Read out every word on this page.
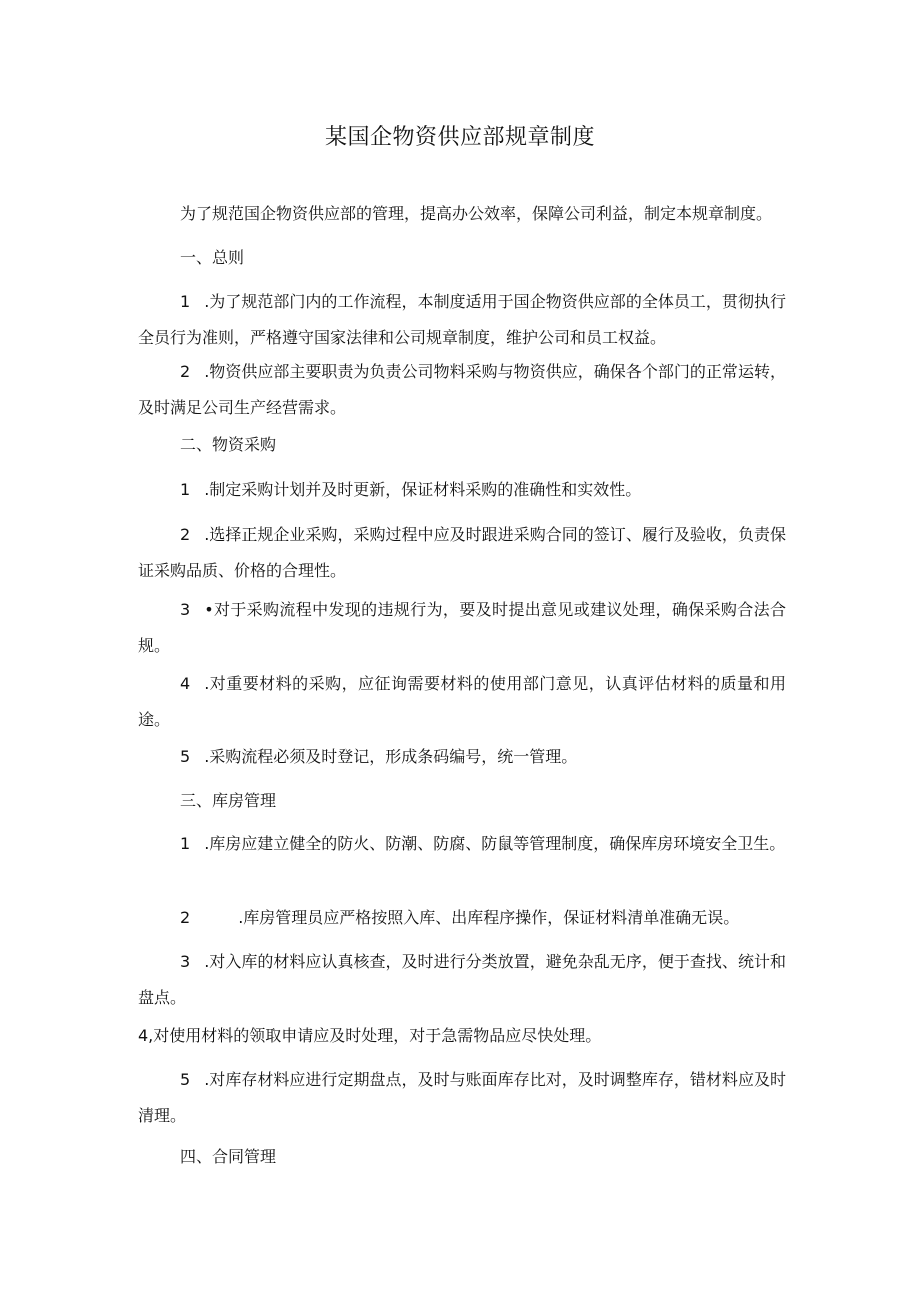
某国企物资供应部规章制度
为了规范国企物资供应部的管理，提高办公效率，保障公司利益，制定本规章制度。
一、总则
1 .为了规范部门内的工作流程，本制度适用于国企物资供应部的全体员工，贯彻执行全员行为准则，严格遵守国家法律和公司规章制度，维护公司和员工权益。
2 .物资供应部主要职责为负责公司物料采购与物资供应，确保各个部门的正常运转，及时满足公司生产经营需求。
二、物资采购
1 .制定采购计划并及时更新，保证材料采购的准确性和实效性。
2 .选择正规企业采购，采购过程中应及时跟进采购合同的签订、履行及验收，负责保证采购品质、价格的合理性。
3 •对于采购流程中发现的违规行为，要及时提出意见或建议处理，确保采购合法合规。
4 .对重要材料的采购，应征询需要材料的使用部门意见，认真评估材料的质量和用途。
5 .采购流程必须及时登记，形成条码编号，统一管理。
三、库房管理
1 .库房应建立健全的防火、防潮、防腐、防鼠等管理制度，确保库房环境安全卫生。
2	.库房管理员应严格按照入库、出库程序操作，保证材料清单准确无误。
3 .对入库的材料应认真核查，及时进行分类放置，避免杂乱无序，便于查找、统计和盘点。
4,对使用材料的领取申请应及时处理，对于急需物品应尽快处理。
5 .对库存材料应进行定期盘点，及时与账面库存比对，及时调整库存，错材料应及时清理。
四、合同管理
